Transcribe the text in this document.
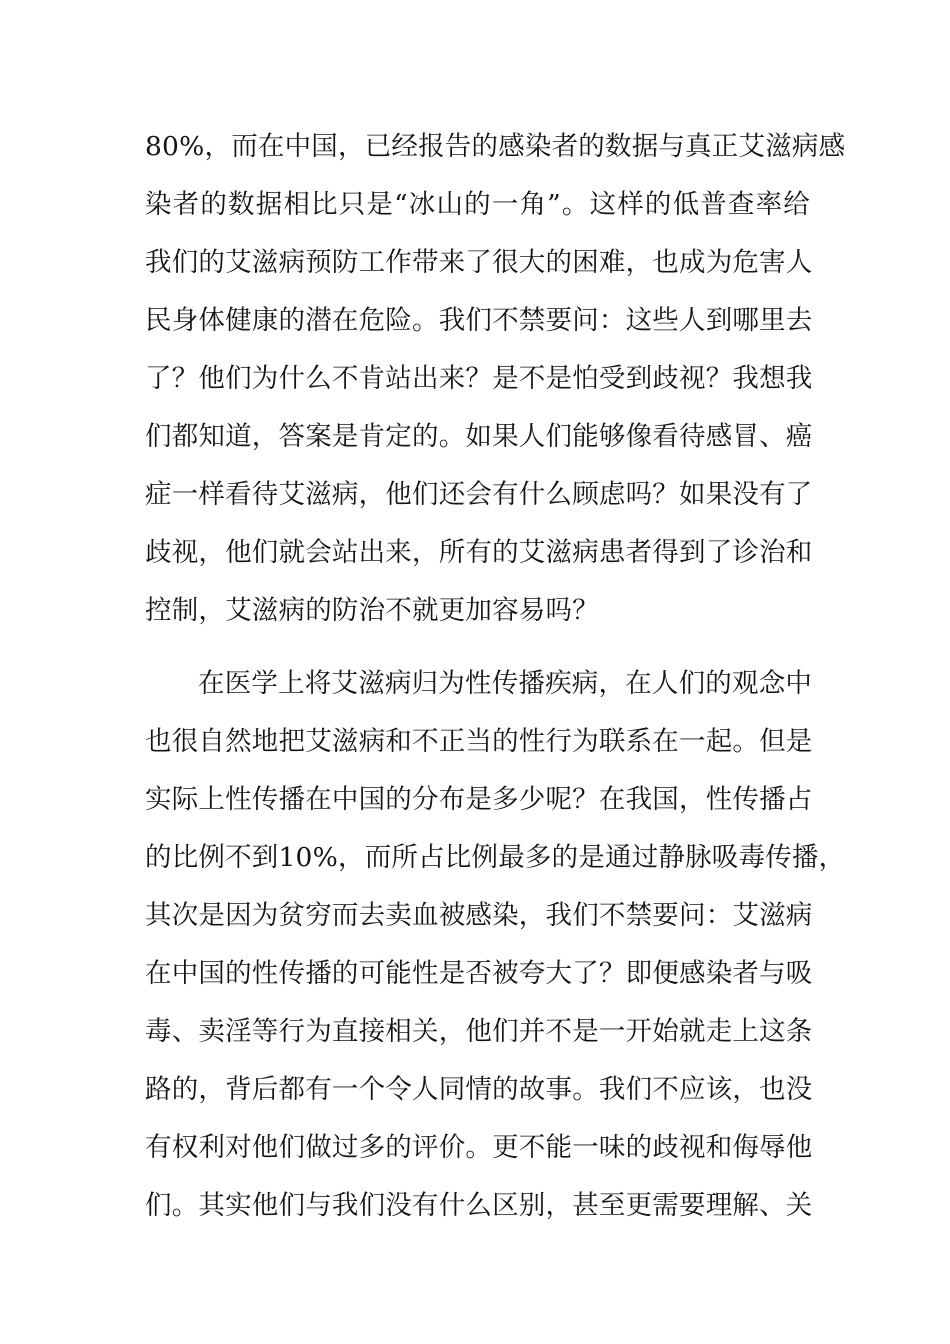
80%，而在中国，已经报告的感染者的数据与真正艾滋病感
染者的数据相比只是“冰山的一角”。这样的低普查率给
我们的艾滋病预防工作带来了很大的困难，也成为危害人
民身体健康的潜在危险。我们不禁要问：这些人到哪里去
了？他们为什么不肯站出来？是不是怕受到歧视？我想我
们都知道，答案是肯定的。如果人们能够像看待感冒、癌
症一样看待艾滋病，他们还会有什么顾虑吗？如果没有了
歧视，他们就会站出来，所有的艾滋病患者得到了诊治和
控制，艾滋病的防治不就更加容易吗？
在医学上将艾滋病归为性传播疾病，在人们的观念中
也很自然地把艾滋病和不正当的性行为联系在一起。但是
实际上性传播在中国的分布是多少呢？在我国，性传播占
的比例不到10%，而所占比例最多的是通过静脉吸毒传播，
其次是因为贫穷而去卖血被感染，我们不禁要问：艾滋病
在中国的性传播的可能性是否被夸大了？即便感染者与吸
毒、卖淫等行为直接相关，他们并不是一开始就走上这条
路的，背后都有一个令人同情的故事。我们不应该，也没
有权利对他们做过多的评价。更不能一味的歧视和侮辱他
们。其实他们与我们没有什么区别，甚至更需要理解、关
